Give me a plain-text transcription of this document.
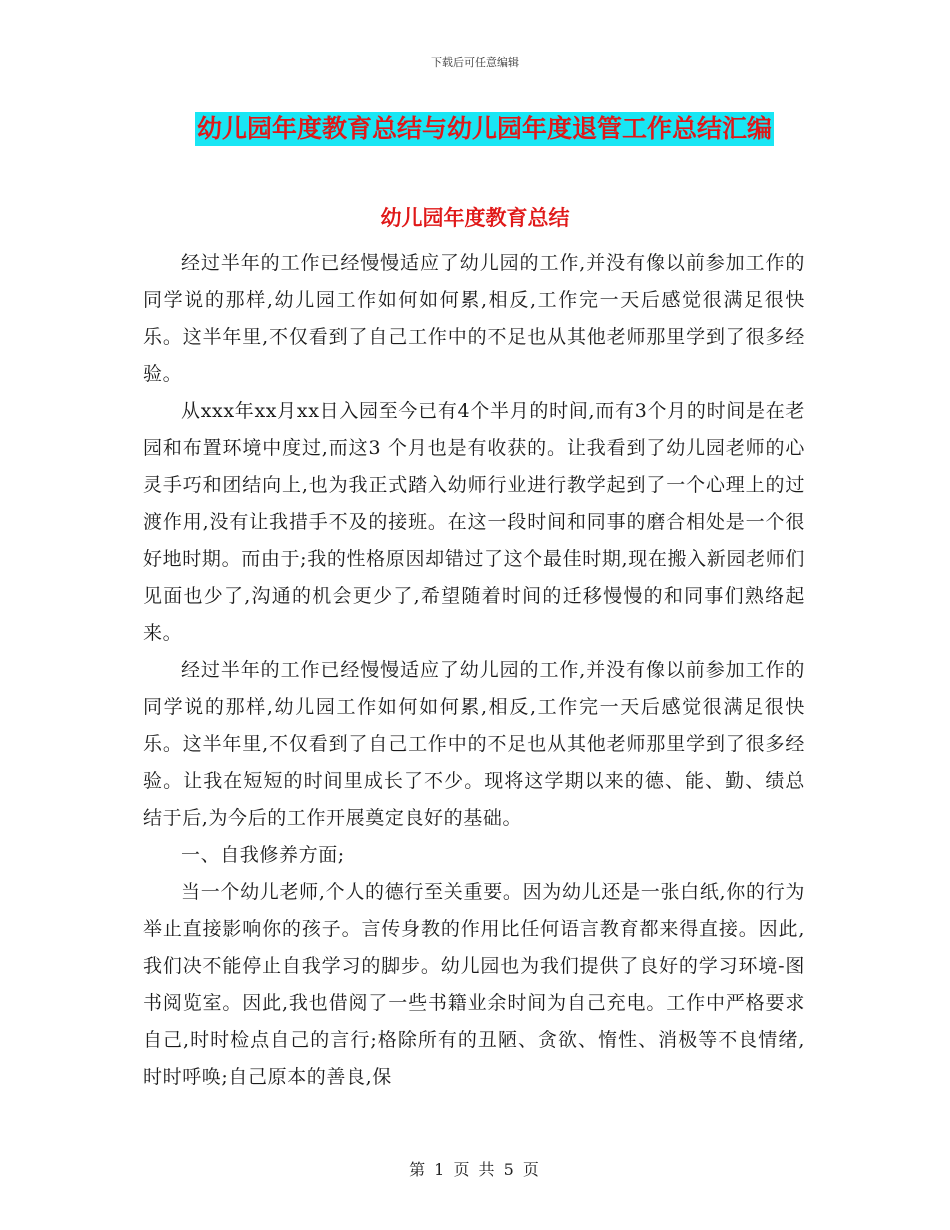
下载后可任意编辑
幼儿园年度教育总结与幼儿园年度退管工作总结汇编
幼儿园年度教育总结

经过半年的工作已经慢慢适应了幼儿园的工作,并没有像以前参加工作的同学说的那样,幼儿园工作如何如何累,相反,工作完一天后感觉很满足很快乐。这半年里,不仅看到了自己工作中的不足也从其他老师那里学到了很多经验。

从xxx年xx月xx日入园至今已有4个半月的时间,而有3个月的时间是在老园和布置环境中度过,而这3 个月也是有收获的。让我看到了幼儿园老师的心灵手巧和团结向上,也为我正式踏入幼师行业进行教学起到了一个心理上的过渡作用,没有让我措手不及的接班。在这一段时间和同事的磨合相处是一个很好地时期。而由于;我的性格原因却错过了这个最佳时期,现在搬入新园老师们见面也少了,沟通的机会更少了,希望随着时间的迁移慢慢的和同事们熟络起来。

经过半年的工作已经慢慢适应了幼儿园的工作,并没有像以前参加工作的同学说的那样,幼儿园工作如何如何累,相反,工作完一天后感觉很满足很快乐。这半年里,不仅看到了自己工作中的不足也从其他老师那里学到了很多经验。让我在短短的时间里成长了不少。现将这学期以来的德、能、勤、绩总结于后,为今后的工作开展奠定良好的基础。

一、自我修养方面;

当一个幼儿老师,个人的德行至关重要。因为幼儿还是一张白纸,你的行为举止直接影响你的孩子。言传身教的作用比任何语言教育都来得直接。因此,我们决不能停止自我学习的脚步。幼儿园也为我们提供了良好的学习环境-图书阅览室。因此,我也借阅了一些书籍业余时间为自己充电。工作中严格要求自己,时时检点自己的言行;格除所有的丑陋、贪欲、惰性、消极等不良情绪,时时呼唤;自己原本的善良,保

第 1 页 共 5 页
